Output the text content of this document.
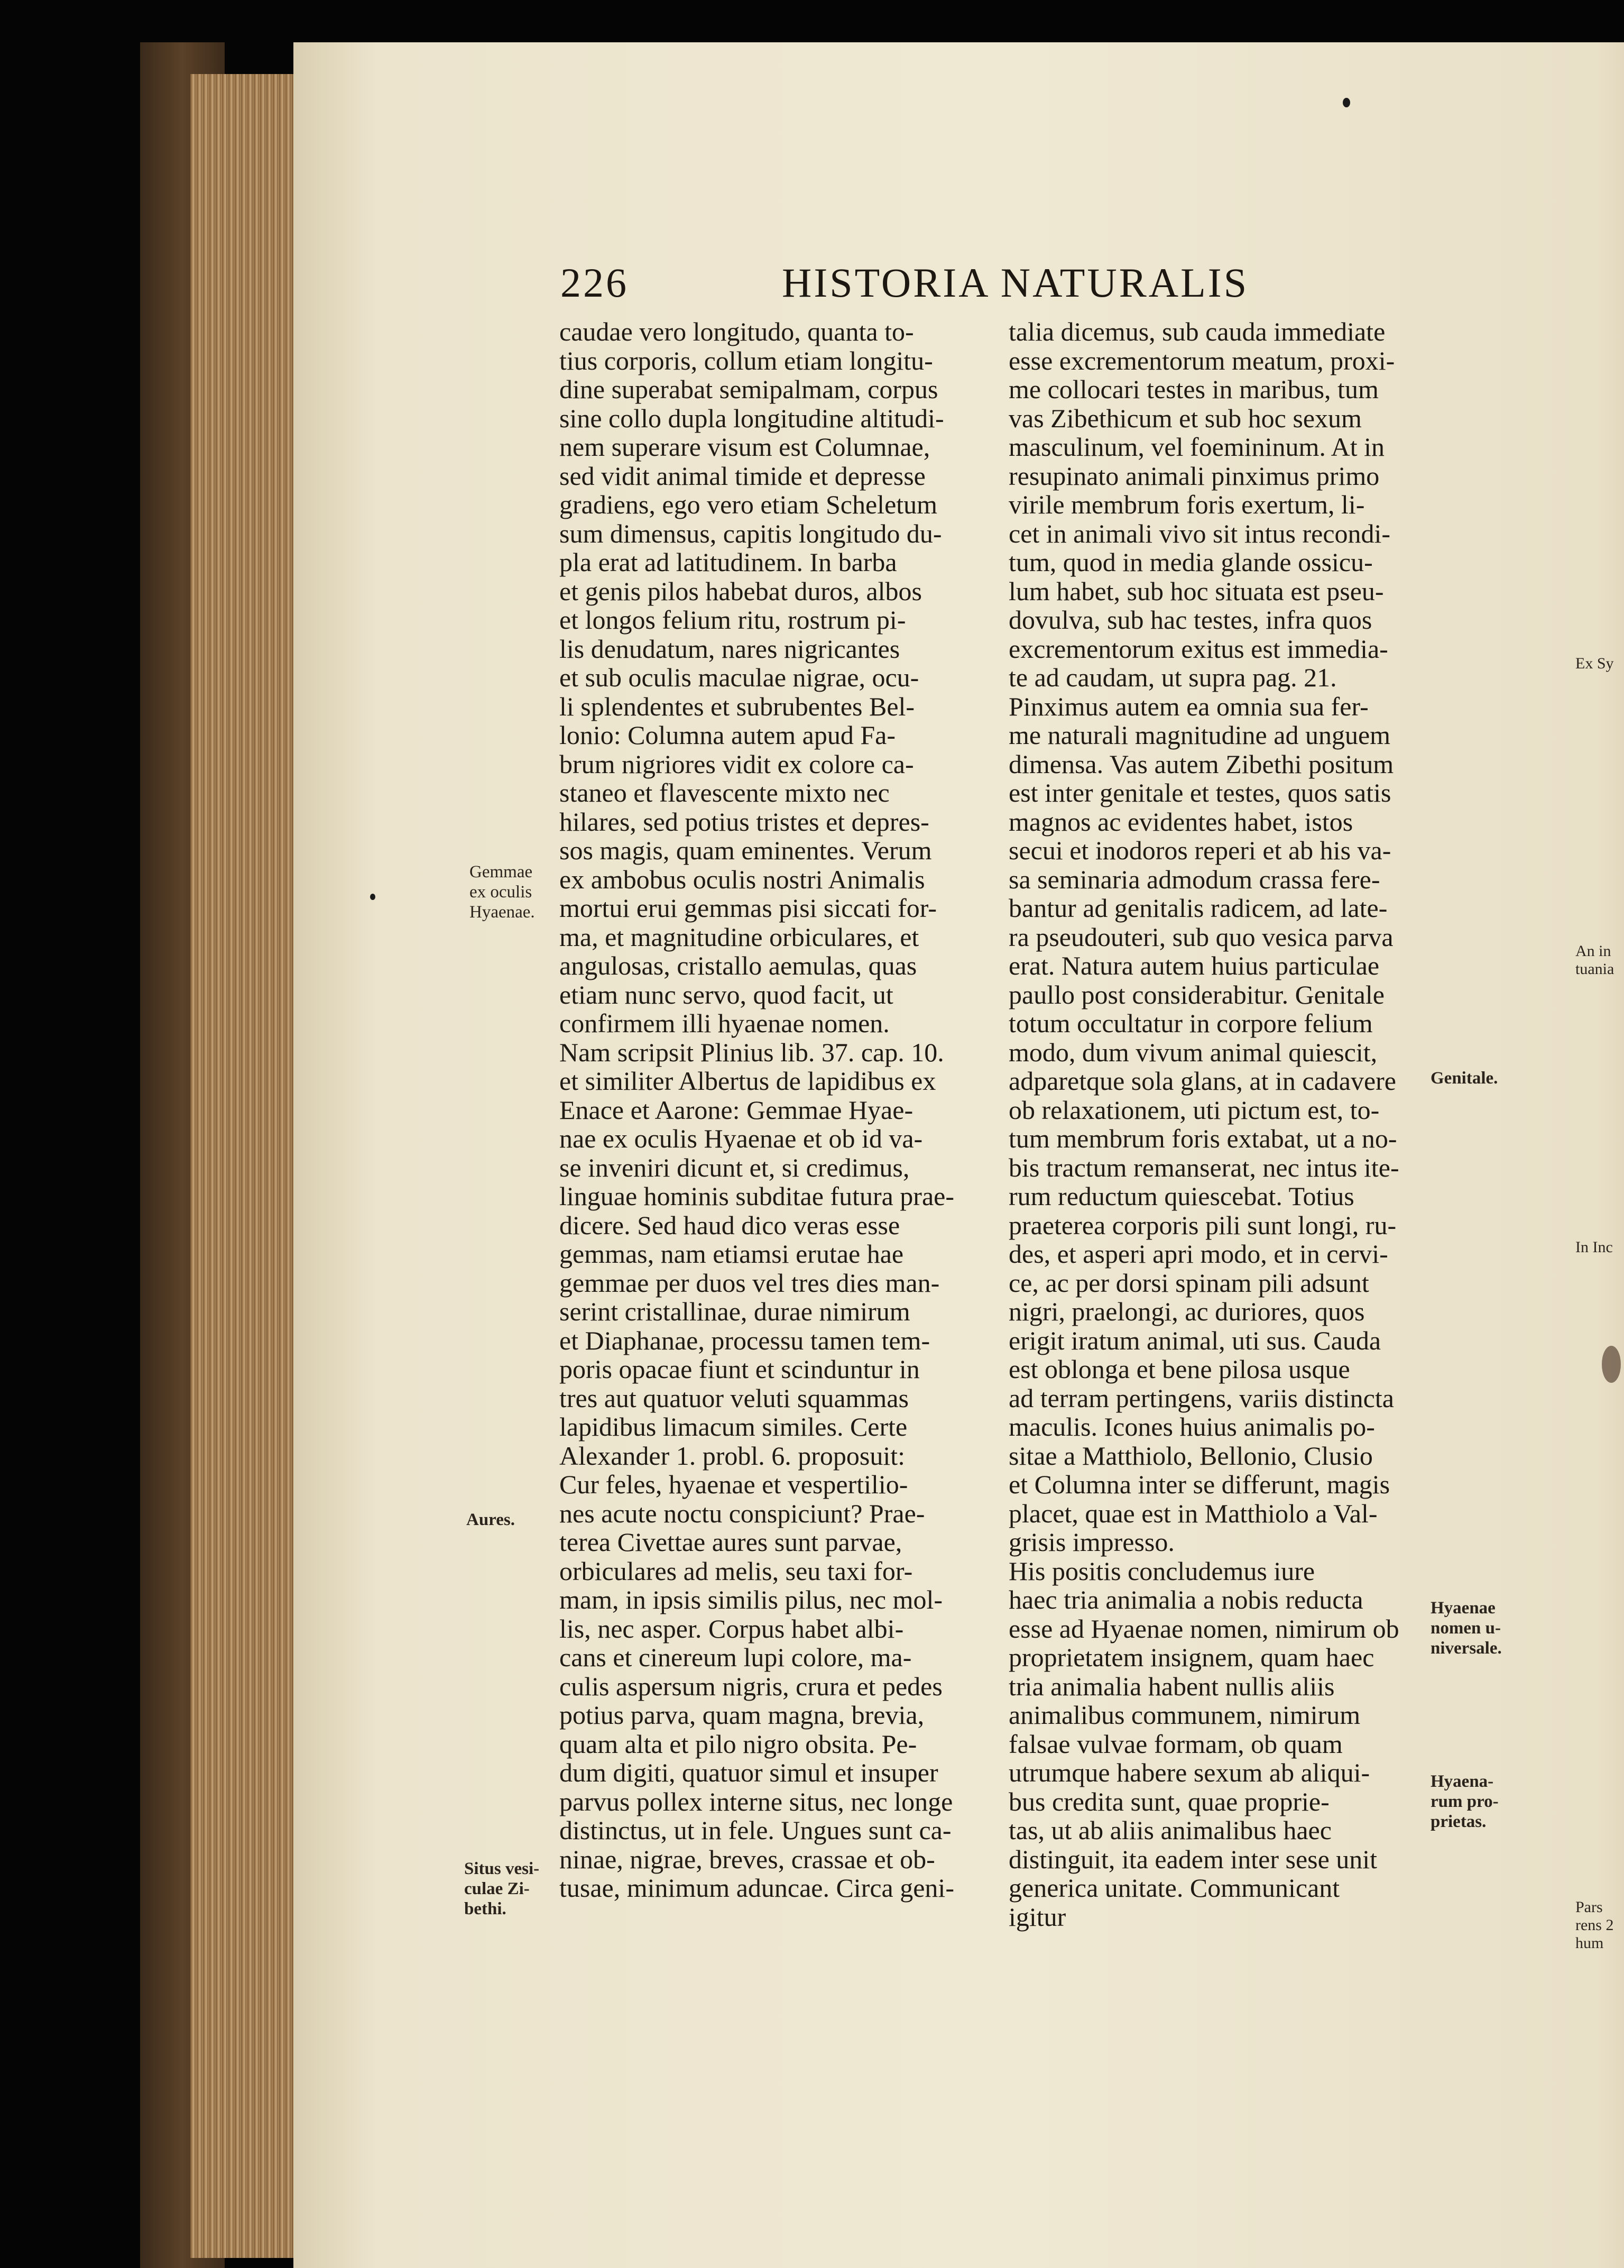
226	HISTORIA NATURALIS

caudae vero longitudo, quanta to-

tius corporis, collum etiam longitu-

dine superabat semipalmam, corpus

sine collo dupla longitudine altitudi-

nem superare visum est Columnae,

sed vidit animal timide et depresse

gradiens, ego vero etiam Scheletum

sum dimensus, capitis longitudo du-

pla erat ad latitudinem. In barba

et genis pilos habebat duros, albos

et longos felium ritu, rostrum pi-

lis denudatum, nares nigricantes

et sub oculis maculae nigrae, ocu-

li splendentes et subrubentes Bel-

lonio: Columna autem apud Fa-

brum nigriores vidit ex colore ca-

staneo et flavescente mixto nec

hilares, sed potius tristes et depres-

sos magis, quam eminentes. Verum

ex ambobus oculis nostri Animalis

mortui erui gemmas pisi siccati for-

ma, et magnitudine orbiculares, et

angulosas, cristallo aemulas, quas

etiam nunc servo, quod facit, ut

confirmem illi hyaenae nomen.

Nam scripsit Plinius lib. 37. cap. 10.

et similiter Albertus de lapidibus ex

Enace et Aarone: Gemmae Hyae-

nae ex oculis Hyaenae et ob id va-

se inveniri dicunt et, si credimus,

linguae hominis subditae futura prae-

dicere. Sed haud dico veras esse

gemmas, nam etiamsi erutae hae

gemmae per duos vel tres dies man-

serint cristallinae, durae nimirum

et Diaphanae, processu tamen tem-

poris opacae fiunt et scinduntur in

tres aut quatuor veluti squammas

lapidibus limacum similes. Certe

Alexander 1. probl. 6. proposuit:

Cur feles, hyaenae et vespertilio-

nes acute noctu conspiciunt? Prae-

terea Civettae aures sunt parvae,

orbiculares ad melis, seu taxi for-

mam, in ipsis similis pilus, nec mol-

lis, nec asper. Corpus habet albi-

cans et cinereum lupi colore, ma-

culis aspersum nigris, crura et pedes

potius parva, quam magna, brevia,

quam alta et pilo nigro obsita. Pe-

dum digiti, quatuor simul et insuper

parvus pollex interne situs, nec longe

distinctus, ut in fele. Ungues sunt ca-

ninae, nigrae, breves, crassae et ob-

tusae, minimum aduncae. Circa geni-

talia dicemus, sub cauda immediate

esse excrementorum meatum, proxi-

me collocari testes in maribus, tum

vas Zibethicum et sub hoc sexum

masculinum, vel foemininum. At in

resupinato animali pinximus primo

virile membrum foris exertum, li-

cet in animali vivo sit intus recondi-

tum, quod in media glande ossicu-

lum habet, sub hoc situata est pseu-

dovulva, sub hac testes, infra quos

excrementorum exitus est immedia-

te ad caudam, ut supra pag. 21.

Pinximus autem ea omnia sua fer-

me naturali magnitudine ad unguem

dimensa. Vas autem Zibethi positum

est inter genitale et testes, quos satis

magnos ac evidentes habet, istos

secui et inodoros reperi et ab his va-

sa seminaria admodum crassa fere-

bantur ad genitalis radicem, ad late-

ra pseudouteri, sub quo vesica parva

erat. Natura autem huius particulae

paullo post considerabitur. Genitale

totum occultatur in corpore felium

modo, dum vivum animal quiescit,

adparetque sola glans, at in cadavere

ob relaxationem, uti pictum est, to-

tum membrum foris extabat, ut a no-

bis tractum remanserat, nec intus ite-

rum reductum quiescebat. Totius

praeterea corporis pili sunt longi, ru-

des, et asperi apri modo, et in cervi-

ce, ac per dorsi spinam pili adsunt

nigri, praelongi, ac duriores, quos

erigit iratum animal, uti sus. Cauda

est oblonga et bene pilosa usque

ad terram pertingens, variis distincta

maculis. Icones huius animalis po-

sitae a Matthiolo, Bellonio, Clusio

et Columna inter se differunt, magis

placet, quae est in Matthiolo a Val-

grisis impresso.

His positis concludemus iure

haec tria animalia a nobis reducta

esse ad Hyaenae nomen, nimirum ob

proprietatem insignem, quam haec

tria animalia habent nullis aliis

animalibus communem, nimirum

falsae vulvae formam, ob quam

utrumque habere sexum ab aliqui-

bus credita sunt, quae proprie-

tas, ut ab aliis animalibus haec

distinguit, ita eadem inter sese unit

generica unitate. Communicant

igitur

Gemmae
ex oculis
Hyaenae.
Aures.
Situs vesi-
culae Zi-
bethi.
Genitale.
Hyaenae
nomen u-
niversale.
Hyaena-
rum pro-
prietas.
Ex Sy
An in
tuania
In Inc
Pars
rens 2
hum
